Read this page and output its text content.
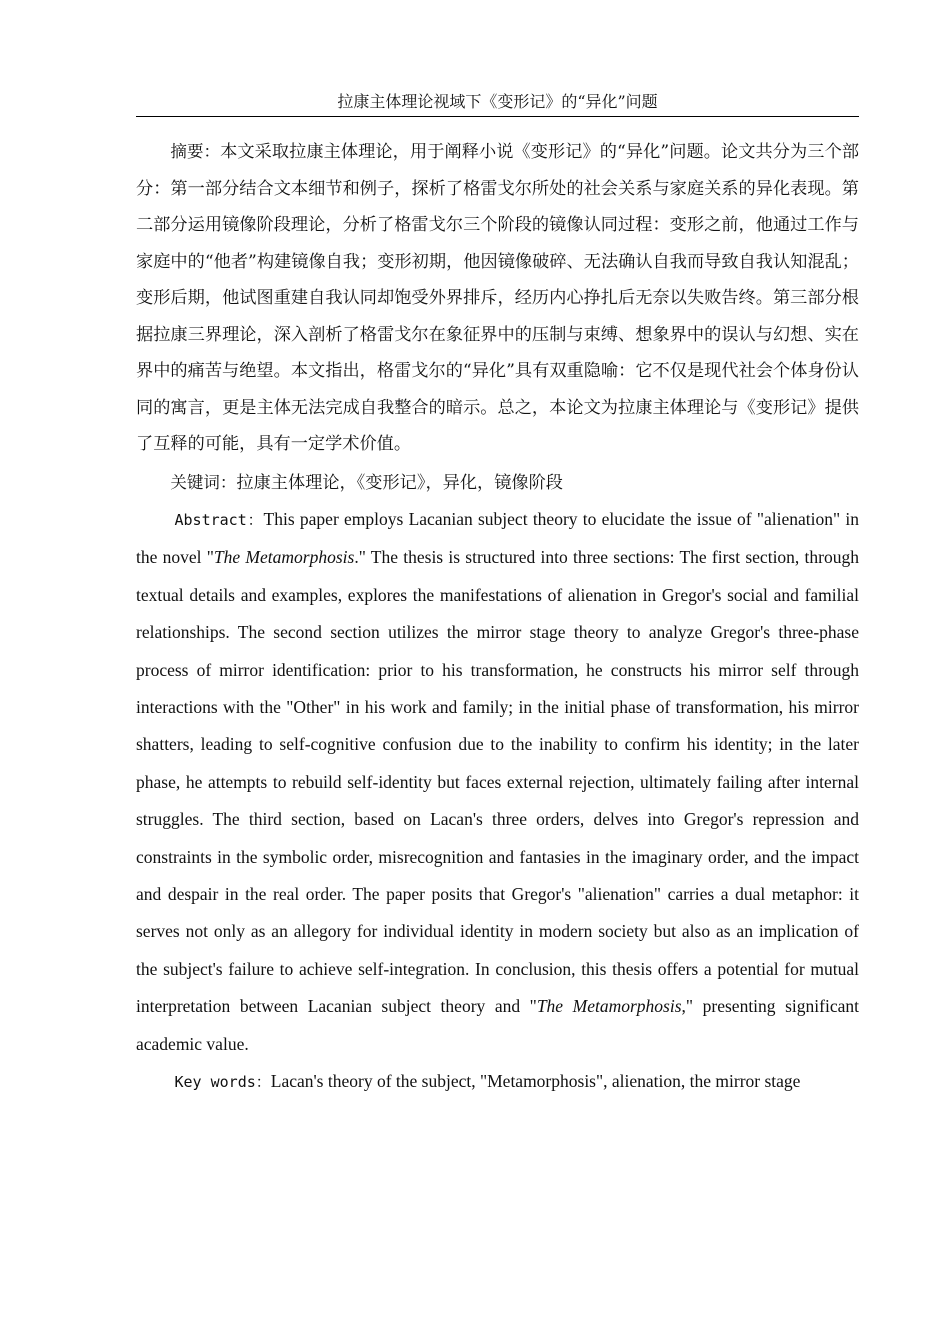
拉康主体理论视域下《变形记》的“异化”问题

摘要：本文采取拉康主体理论，用于阐释小说《变形记》的“异化”问题。论文共分为三个部分：第一部分结合文本细节和例子，探析了格雷戈尔所处的社会关系与家庭关系的异化表现。第二部分运用镜像阶段理论，分析了格雷戈尔三个阶段的镜像认同过程：变形之前，他通过工作与家庭中的“他者”构建镜像自我；变形初期，他因镜像破碎、无法确认自我而导致自我认知混乱；变形后期，他试图重建自我认同却饱受外界排斥，经历内心挣扎后无奈以失败告终。第三部分根据拉康三界理论，深入剖析了格雷戈尔在象征界中的压制与束缚、想象界中的误认与幻想、实在界中的痛苦与绝望。本文指出，格雷戈尔的“异化”具有双重隐喻：它不仅是现代社会个体身份认同的寓言，更是主体无法完成自我整合的暗示。总之，本论文为拉康主体理论与《变形记》提供了互释的可能，具有一定学术价值。

关键词：拉康主体理论，《变形记》，异化，镜像阶段

Abstract：This paper employs Lacanian subject theory to elucidate the issue of "alienation" in the novel "The Metamorphosis." The thesis is structured into three sections: The first section, through textual details and examples, explores the manifestations of alienation in Gregor's social and familial relationships. The second section utilizes the mirror stage theory to analyze Gregor's three-phase process of mirror identification: prior to his transformation, he constructs his mirror self through interactions with the "Other" in his work and family; in the initial phase of transformation, his mirror shatters, leading to self-cognitive confusion due to the inability to confirm his identity; in the later phase, he attempts to rebuild self-identity but faces external rejection, ultimately failing after internal struggles. The third section, based on Lacan's three orders, delves into Gregor's repression and constraints in the symbolic order, misrecognition and fantasies in the imaginary order, and the impact and despair in the real order. The paper posits that Gregor's "alienation" carries a dual metaphor: it serves not only as an allegory for individual identity in modern society but also as an implication of the subject's failure to achieve self-integration. In conclusion, this thesis offers a potential for mutual interpretation between Lacanian subject theory and "The Metamorphosis," presenting significant academic value.

Key words：Lacan's theory of the subject, "Metamorphosis", alienation, the mirror stage
